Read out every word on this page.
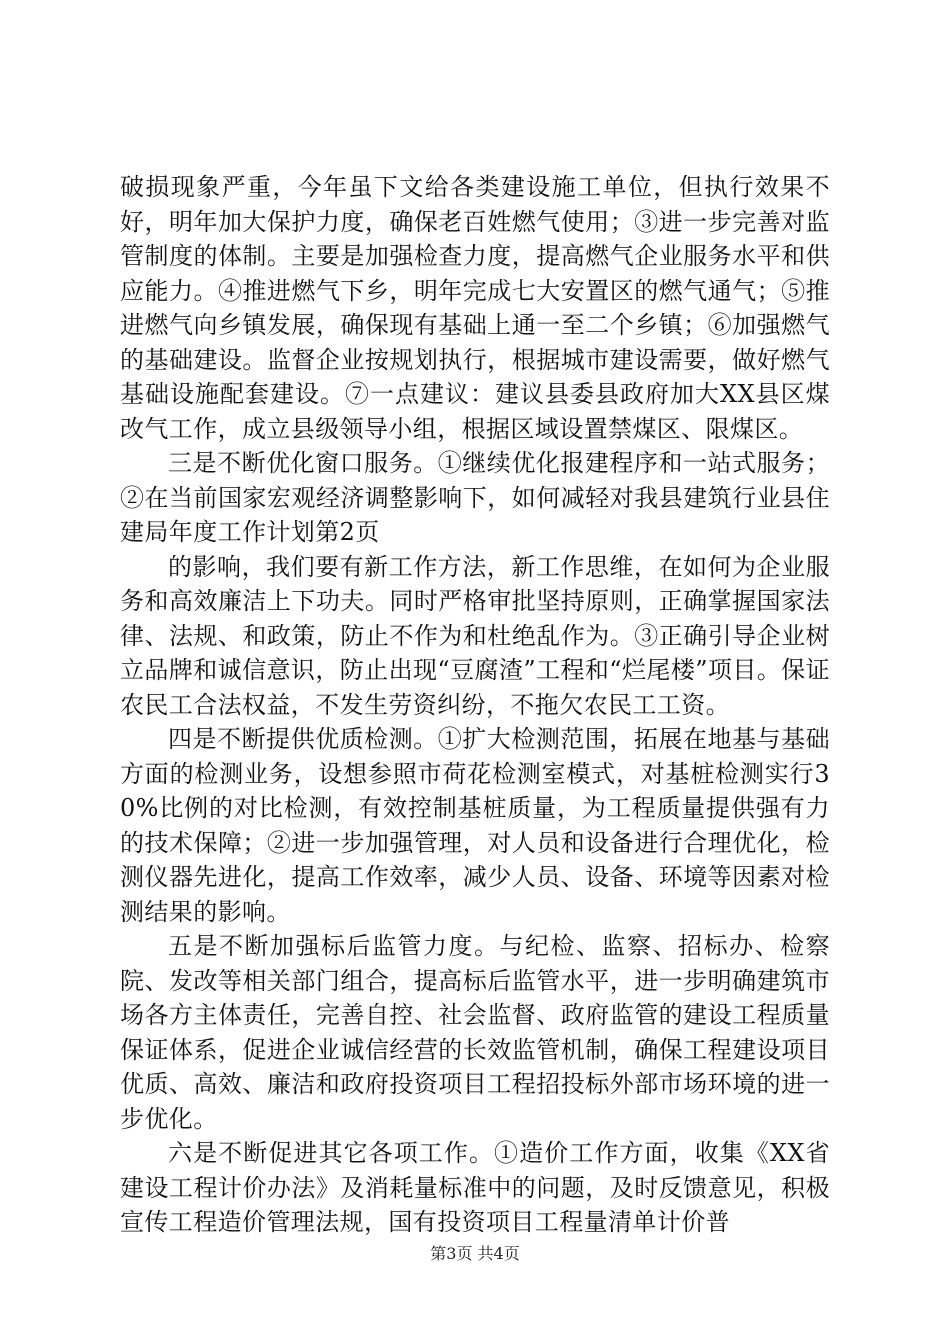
破损现象严重，今年虽下文给各类建设施工单位，但执行效果不好，明年加大保护力度，确保老百姓燃气使用；③进一步完善对监管制度的体制。主要是加强检查力度，提高燃气企业服务水平和供应能力。④推进燃气下乡，明年完成七大安置区的燃气通气；⑤推进燃气向乡镇发展，确保现有基础上通一至二个乡镇；⑥加强燃气的基础建设。监督企业按规划执行，根据城市建设需要，做好燃气基础设施配套建设。⑦一点建议：建议县委县政府加大XX县区煤改气工作，成立县级领导小组，根据区域设置禁煤区、限煤区。

三是不断优化窗口服务。①继续优化报建程序和一站式服务；②在当前国家宏观经济调整影响下，如何减轻对我县建筑行业县住建局年度工作计划第2页

的影响，我们要有新工作方法，新工作思维，在如何为企业服务和高效廉洁上下功夫。同时严格审批坚持原则，正确掌握国家法律、法规、和政策，防止不作为和杜绝乱作为。③正确引导企业树立品牌和诚信意识，防止出现“豆腐渣”工程和“烂尾楼”项目。保证农民工合法权益，不发生劳资纠纷，不拖欠农民工工资。

四是不断提供优质检测。①扩大检测范围，拓展在地基与基础方面的检测业务，设想参照市荷花检测室模式，对基桩检测实行30%比例的对比检测，有效控制基桩质量，为工程质量提供强有力的技术保障；②进一步加强管理，对人员和设备进行合理优化，检测仪器先进化，提高工作效率，减少人员、设备、环境等因素对检测结果的影响。

五是不断加强标后监管力度。与纪检、监察、招标办、检察院、发改等相关部门组合，提高标后监管水平，进一步明确建筑市场各方主体责任，完善自控、社会监督、政府监管的建设工程质量保证体系，促进企业诚信经营的长效监管机制，确保工程建设项目优质、高效、廉洁和政府投资项目工程招投标外部市场环境的进一步优化。

六是不断促进其它各项工作。①造价工作方面，收集《XX省建设工程计价办法》及消耗量标准中的问题，及时反馈意见，积极宣传工程造价管理法规，国有投资项目工程量清单计价普

第3页 共4页
